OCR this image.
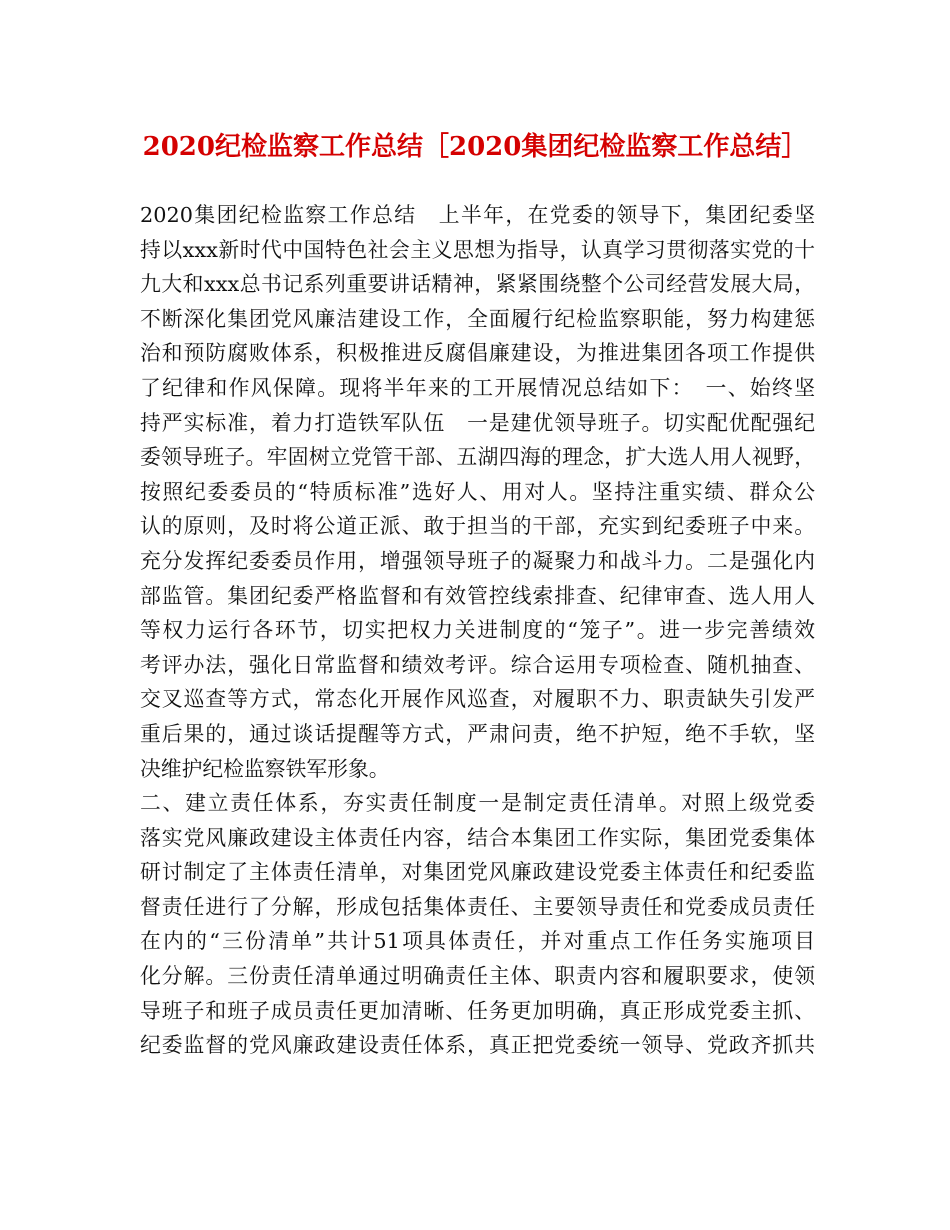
2020纪检监察工作总结［2020集团纪检监察工作总结］
2020集团纪检监察工作总结　上半年，在党委的领导下，集团纪委坚
持以xxx新时代中国特色社会主义思想为指导，认真学习贯彻落实党的十
九大和xxx总书记系列重要讲话精神，紧紧围绕整个公司经营发展大局，
不断深化集团党风廉洁建设工作，全面履行纪检监察职能，努力构建惩
治和预防腐败体系，积极推进反腐倡廉建设，为推进集团各项工作提供
了纪律和作风保障。现将半年来的工开展情况总结如下：　一、始终坚
持严实标准，着力打造铁军队伍　一是建优领导班子。切实配优配强纪
委领导班子。牢固树立党管干部、五湖四海的理念，扩大选人用人视野，
按照纪委委员的“特质标准”选好人、用对人。坚持注重实绩、群众公
认的原则，及时将公道正派、敢于担当的干部，充实到纪委班子中来。
充分发挥纪委委员作用，增强领导班子的凝聚力和战斗力。二是强化内
部监管。集团纪委严格监督和有效管控线索排查、纪律审查、选人用人
等权力运行各环节，切实把权力关进制度的“笼子”。进一步完善绩效
考评办法，强化日常监督和绩效考评。综合运用专项检查、随机抽查、
交叉巡查等方式，常态化开展作风巡查，对履职不力、职责缺失引发严
重后果的，通过谈话提醒等方式，严肃问责，绝不护短，绝不手软，坚
决维护纪检监察铁军形象。
二、建立责任体系，夯实责任制度一是制定责任清单。对照上级党委
落实党风廉政建设主体责任内容，结合本集团工作实际，集团党委集体
研讨制定了主体责任清单，对集团党风廉政建设党委主体责任和纪委监
督责任进行了分解，形成包括集体责任、主要领导责任和党委成员责任
在内的“三份清单”共计51项具体责任，并对重点工作任务实施项目
化分解。三份责任清单通过明确责任主体、职责内容和履职要求，使领
导班子和班子成员责任更加清晰、任务更加明确，真正形成党委主抓、
纪委监督的党风廉政建设责任体系，真正把党委统一领导、党政齐抓共
